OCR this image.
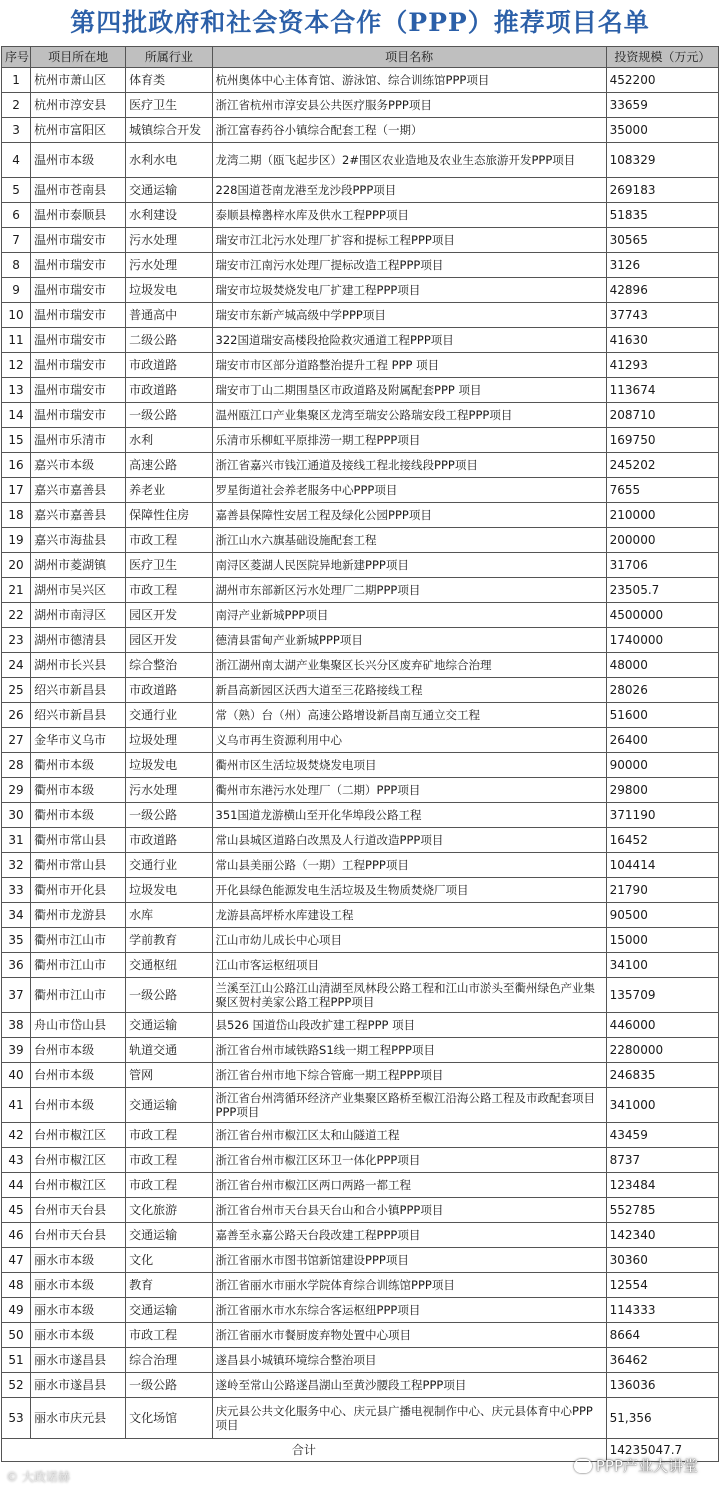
第四批政府和社会资本合作（PPP）推荐项目名单
序号	项目所在地	所属行业	项目名称	投资规模（万元）
1	杭州市萧山区	体育类	杭州奥体中心主体育馆、游泳馆、综合训练馆PPP项目	452200
2	杭州市淳安县	医疗卫生	浙江省杭州市淳安县公共医疗服务PPP项目	33659
3	杭州市富阳区	城镇综合开发	浙江富春药谷小镇综合配套工程（一期）	35000
4	温州市本级	水利水电	龙湾二期（瓯飞起步区）2#围区农业造地及农业生态旅游开发PPP项目	108329
5	温州市苍南县	交通运输	228国道苍南龙港至龙沙段PPP项目	269183
6	温州市泰顺县	水利建设	泰顺县樟嶴梓水库及供水工程PPP项目	51835
7	温州市瑞安市	污水处理	瑞安市江北污水处理厂扩容和提标工程PPP项目	30565
8	温州市瑞安市	污水处理	瑞安市江南污水处理厂提标改造工程PPP项目	3126
9	温州市瑞安市	垃圾发电	瑞安市垃圾焚烧发电厂扩建工程PPP项目	42896
10	温州市瑞安市	普通高中	瑞安市东新产城高级中学PPP项目	37743
11	温州市瑞安市	二级公路	322国道瑞安高楼段抢险救灾通道工程PPP项目	41630
12	温州市瑞安市	市政道路	瑞安市市区部分道路整治提升工程 PPP 项目	41293
13	温州市瑞安市	市政道路	瑞安市丁山二期围垦区市政道路及附属配套PPP 项目	113674
14	温州市瑞安市	一级公路	温州瓯江口产业集聚区龙湾至瑞安公路瑞安段工程PPP项目	208710
15	温州市乐清市	水利	乐清市乐柳虹平原排涝一期工程PPP项目	169750
16	嘉兴市本级	高速公路	浙江省嘉兴市钱江通道及接线工程北接线段PPP项目	245202
17	嘉兴市嘉善县	养老业	罗星街道社会养老服务中心PPP项目	7655
18	嘉兴市嘉善县	保障性住房	嘉善县保障性安居工程及绿化公园PPP项目	210000
19	嘉兴市海盐县	市政工程	浙江山水六旗基础设施配套工程	200000
20	湖州市菱湖镇	医疗卫生	南浔区菱湖人民医院异地新建PPP项目	31706
21	湖州市吴兴区	市政工程	湖州市东部新区污水处理厂二期PPP项目	23505.7
22	湖州市南浔区	园区开发	南浔产业新城PPP项目	4500000
23	湖州市德清县	园区开发	德清县雷甸产业新城PPP项目	1740000
24	湖州市长兴县	综合整治	浙江湖州南太湖产业集聚区长兴分区废弃矿地综合治理	48000
25	绍兴市新昌县	市政道路	新昌高新园区沃西大道至三花路接线工程	28026
26	绍兴市新昌县	交通行业	常（熟）台（州）高速公路增设新昌南互通立交工程	51600
27	金华市义乌市	垃圾处理	义乌市再生资源利用中心	26400
28	衢州市本级	垃圾发电	衢州市区生活垃圾焚烧发电项目	90000
29	衢州市本级	污水处理	衢州市东港污水处理厂（二期）PPP项目	29800
30	衢州市本级	一级公路	351国道龙游横山至开化华埠段公路工程	371190
31	衢州市常山县	市政道路	常山县城区道路白改黑及人行道改造PPP项目	16452
32	衢州市常山县	交通行业	常山县美丽公路（一期）工程PPP项目	104414
33	衢州市开化县	垃圾发电	开化县绿色能源发电生活垃圾及生物质焚烧厂项目	21790
34	衢州市龙游县	水库	龙游县高坪桥水库建设工程	90500
35	衢州市江山市	学前教育	江山市幼儿成长中心项目	15000
36	衢州市江山市	交通枢纽	江山市客运枢纽项目	34100
37	衢州市江山市	一级公路	兰溪至江山公路江山清湖至凤林段公路工程和江山市淤头至衢州绿色产业集聚区贺村美家公路工程PPP项目	135709
38	舟山市岱山县	交通运输	县526 国道岱山段改扩建工程PPP 项目	446000
39	台州市本级	轨道交通	浙江省台州市域铁路S1线一期工程PPP项目	2280000
40	台州市本级	管网	浙江省台州市地下综合管廊一期工程PPP项目	246835
41	台州市本级	交通运输	浙江省台州湾循环经济产业集聚区路桥至椒江沿海公路工程及市政配套项目PPP项目	341000
42	台州市椒江区	市政工程	浙江省台州市椒江区太和山隧道工程	43459
43	台州市椒江区	市政工程	浙江省台州市椒江区环卫一体化PPP项目	8737
44	台州市椒江区	市政工程	浙江省台州市椒江区两口两路一都工程	123484
45	台州市天台县	文化旅游	浙江省台州市天台县天台山和合小镇PPP项目	552785
46	台州市天台县	交通运输	嘉善至永嘉公路天台段改建工程PPP项目	142340
47	丽水市本级	文化	浙江省丽水市图书馆新馆建设PPP项目	30360
48	丽水市本级	教育	浙江省丽水市丽水学院体育综合训练馆PPP项目	12554
49	丽水市本级	交通运输	浙江省丽水市水东综合客运枢纽PPP项目	114333
50	丽水市本级	市政工程	浙江省丽水市餐厨废弃物处置中心项目	8664
51	丽水市遂昌县	综合治理	遂昌县小城镇环境综合整治项目	36462
52	丽水市遂昌县	一级公路	遂岭至常山公路遂昌湖山至黄沙腰段工程PPP项目	136036
53	丽水市庆元县	文化场馆	庆元县公共文化服务中心、庆元县广播电视制作中心、庆元县体育中心PPP项目	51,356
合计				14235047.7
© 大政诺赫
PPP产业大讲堂
